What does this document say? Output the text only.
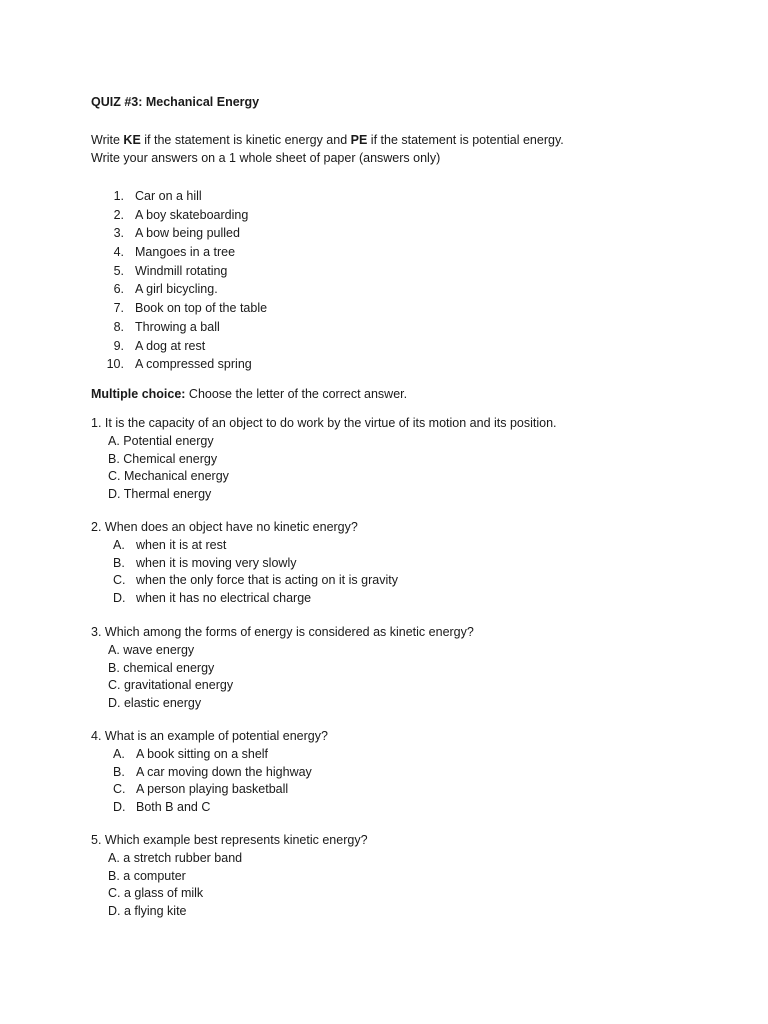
QUIZ #3: Mechanical Energy
Write KE if the statement is kinetic energy and PE if the statement is potential energy.
Write your answers on a 1 whole sheet of paper (answers only)
1. Car on a hill
2. A boy skateboarding
3. A bow being pulled
4. Mangoes in a tree
5. Windmill rotating
6. A girl bicycling.
7. Book on top of the table
8. Throwing a ball
9. A dog at rest
10. A compressed spring
Multiple choice: Choose the letter of the correct answer.
1. It is the capacity of an object to do work by the virtue of its motion and its position.
A. Potential energy
B. Chemical energy
C. Mechanical energy
D. Thermal energy
2. When does an object have no kinetic energy?
A. when it is at rest
B. when it is moving very slowly
C. when the only force that is acting on it is gravity
D. when it has no electrical charge
3. Which among the forms of energy is considered as kinetic energy?
A. wave energy
B. chemical energy
C. gravitational energy
D. elastic energy
4. What is an example of potential energy?
A. A book sitting on a shelf
B. A car moving down the highway
C. A person playing basketball
D. Both B and C
5. Which example best represents kinetic energy?
A. a stretch rubber band
B. a computer
C. a glass of milk
D. a flying kite
